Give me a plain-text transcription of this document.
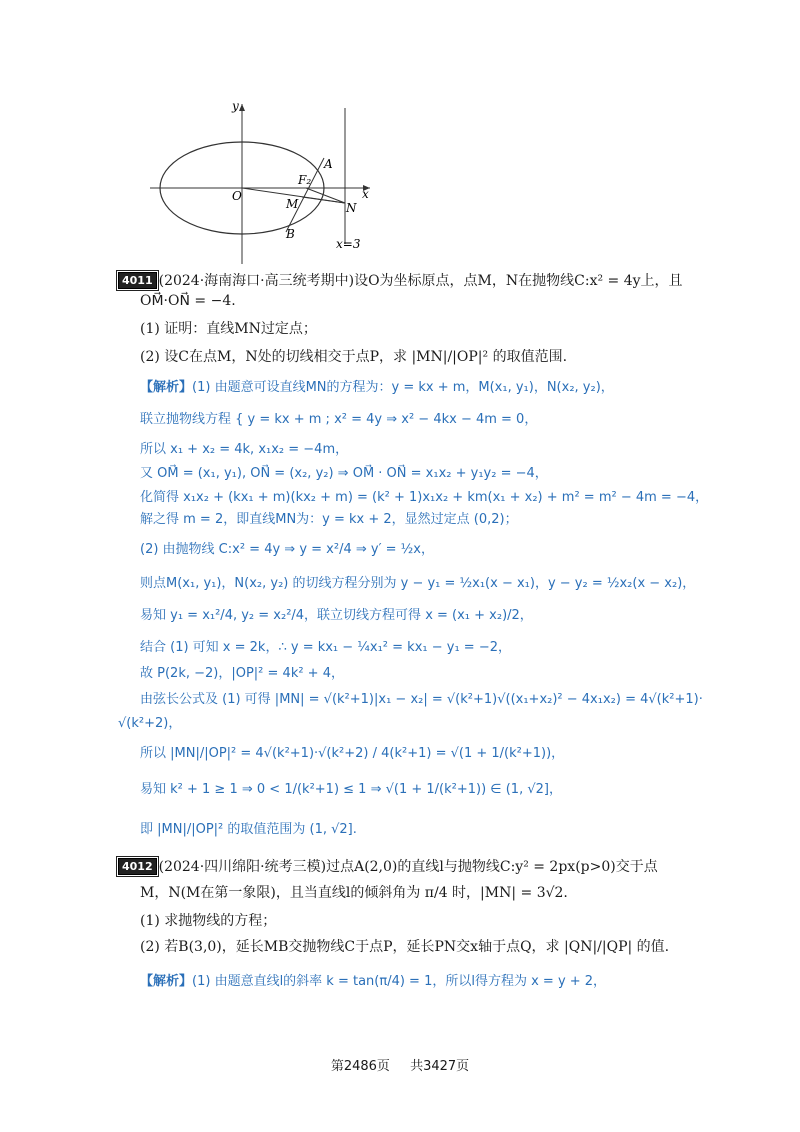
y
x
O
A
F₂
M	N
B
x=3
4011 (2024·海南海口·高三统考期中)设O为坐标原点，点M，N在抛物线C:x² = 4y上，且
OM⃗·ON⃗ = −4.
(1) 证明：直线MN过定点；
(2) 设C在点M，N处的切线相交于点P，求 |MN|/|OP|² 的取值范围.
【解析】(1) 由题意可设直线MN的方程为：y = kx + m，M(x₁, y₁)，N(x₂, y₂)，
联立抛物线方程 { y = kx + m ; x² = 4y ⇒ x² − 4kx − 4m = 0，
所以 x₁ + x₂ = 4k, x₁x₂ = −4m，
又 OM⃗ = (x₁, y₁), ON⃗ = (x₂, y₂) ⇒ OM⃗ · ON⃗ = x₁x₂ + y₁y₂ = −4，
化简得 x₁x₂ + (kx₁ + m)(kx₂ + m) = (k² + 1)x₁x₂ + km(x₁ + x₂) + m² = m² − 4m = −4，
解之得 m = 2，即直线MN为：y = kx + 2，显然过定点 (0,2)；
(2) 由抛物线 C:x² = 4y ⇒ y = x²/4 ⇒ y′ = ½x，
则点M(x₁, y₁)，N(x₂, y₂) 的切线方程分别为 y − y₁ = ½x₁(x − x₁)，y − y₂ = ½x₂(x − x₂)，
易知 y₁ = x₁²/4, y₂ = x₂²/4，联立切线方程可得 x = (x₁ + x₂)/2，
结合 (1) 可知 x = 2k，∴ y = kx₁ − ¼x₁² = kx₁ − y₁ = −2，
故 P(2k, −2)，|OP|² = 4k² + 4，
由弦长公式及 (1) 可得 |MN| = √(k²+1)|x₁ − x₂| = √(k²+1)√((x₁+x₂)² − 4x₁x₂) = 4√(k²+1)·
√(k²+2)，
所以 |MN|/|OP|² = 4√(k²+1)·√(k²+2) / 4(k²+1) = √(1 + 1/(k²+1))，
易知 k² + 1 ≥ 1 ⇒ 0 < 1/(k²+1) ≤ 1 ⇒ √(1 + 1/(k²+1)) ∈ (1, √2]，
即 |MN|/|OP|² 的取值范围为 (1, √2].
4012 (2024·四川绵阳·统考三模)过点A(2,0)的直线l与抛物线C:y² = 2px(p>0)交于点
M，N(M在第一象限)，且当直线l的倾斜角为 π/4 时，|MN| = 3√2.
(1) 求抛物线的方程；
(2) 若B(3,0)，延长MB交抛物线C于点P，延长PN交x轴于点Q，求 |QN|/|QP| 的值.
【解析】(1) 由题意直线l的斜率 k = tan(π/4) = 1，所以l得方程为 x = y + 2，
第2486页 共3427页
